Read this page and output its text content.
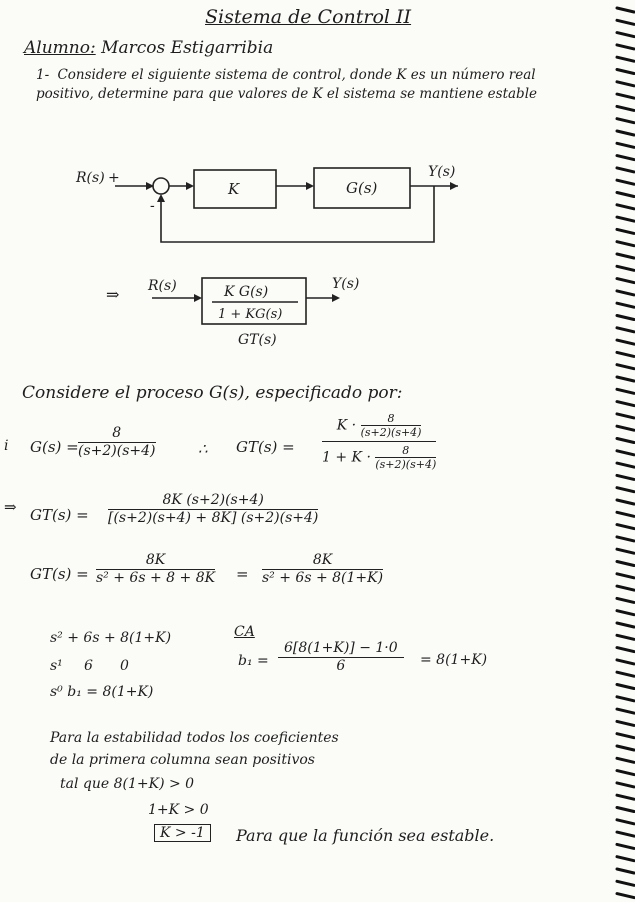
Sistema de Control II
Alumno: Marcos Estigarribia
1- Considere el siguiente sistema de control, donde K es un número real positivo, determine para que valores de K el sistema se mantiene estable
R(s) +
-
K	G(s)
Y(s)
⇒ R(s)	K G(s)
1 + KG(s)
Y(s)
GT(s)
Considere el proceso G(s), especificado por:
i $G(s) = \frac{8}{(s+2)(s+4)}$	∴ $GT(s) = \frac{K \cdot \frac{8}{(s+2)(s+4)}}{1 + K \cdot \frac{8}{(s+2)(s+4)}}$
⇒ $GT(s) = \frac{8K (s+2)(s+4)}{[(s+2)(s+4) + 8K] (s+2)(s+4)}$
$GT(s) = \frac{8K}{\text{s² + 6s + 8 + 8K}} = \frac{8K}{\text{s² + 6s + 8(1+K)}}$
s² + 6s + 8(1+K)
s¹ 6 0
s⁰ b₁ = 8(1+K)
CA
$b_1 = \frac{6[8(1+K)] - 1\cdot 0}{6} = 8(1+K)$
Para la estabilidad todos los coeficientes
de la primera columna sean positivos
tal que 8(1+K) > 0
1+K > 0
K > -1	Para que la función sea estable.
